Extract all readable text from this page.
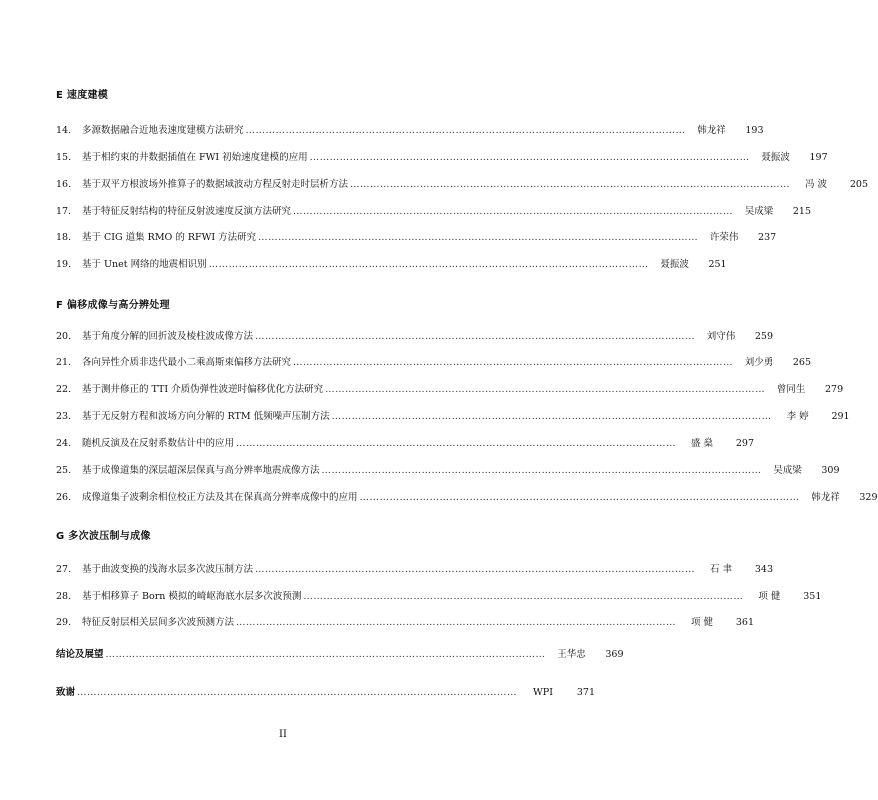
E 速度建模
14.	多源数据融合近地表速度建模方法研究 ……………………………………………………………………………………………………………………	韩龙祥	193
15.	基于相约束的井数据插值在 FWI 初始速度建模的应用 ……………………………………………………………………………………………………………………	聂振波	197
16.	基于双平方根波场外推算子的数据域波动方程反射走时层析方法 ……………………………………………………………………………………………………………………	冯 波	205
17.	基于特征反射结构的特征反射波速度反演方法研究 ……………………………………………………………………………………………………………………	吴成梁	215
18.	基于 CIG 道集 RMO 的 RFWI 方法研究 ……………………………………………………………………………………………………………………	许荣伟	237
19.	基于 Unet 网络的地震相识别 ……………………………………………………………………………………………………………………	聂振波	251
F 偏移成像与高分辨处理
20.	基于角度分解的回折波及棱柱波成像方法 ……………………………………………………………………………………………………………………	刘守伟	259
21.	各向异性介质非迭代最小二乘高斯束偏移方法研究 ……………………………………………………………………………………………………………………	刘少勇	265
22.	基于测井修正的 TTI 介质伪弹性波逆时偏移优化方法研究 ……………………………………………………………………………………………………………………	曾同生	279
23.	基于无反射方程和波场方向分解的 RTM 低频噪声压制方法 ……………………………………………………………………………………………………………………	李 婷	291
24.	随机反演及在反射系数估计中的应用 ……………………………………………………………………………………………………………………	盛 燊	297
25.	基于成像道集的深层超深层保真与高分辨率地震成像方法 ……………………………………………………………………………………………………………………	吴成梁	309
26.	成像道集子波剩余相位校正方法及其在保真高分辨率成像中的应用 ……………………………………………………………………………………………………………………	韩龙祥	329
G 多次波压制与成像
27.	基于曲波变换的浅海水层多次波压制方法 ……………………………………………………………………………………………………………………	石 聿	343
28.	基于相移算子 Born 模拟的崎岖海底水层多次波预测 ……………………………………………………………………………………………………………………	项 健	351
29.	特征反射层相关层间多次波预测方法 ……………………………………………………………………………………………………………………	项 健	361
结论及展望 ……………………………………………………………………………………………………………………	王华忠	369
致谢 ……………………………………………………………………………………………………………………	WPI	371
II
